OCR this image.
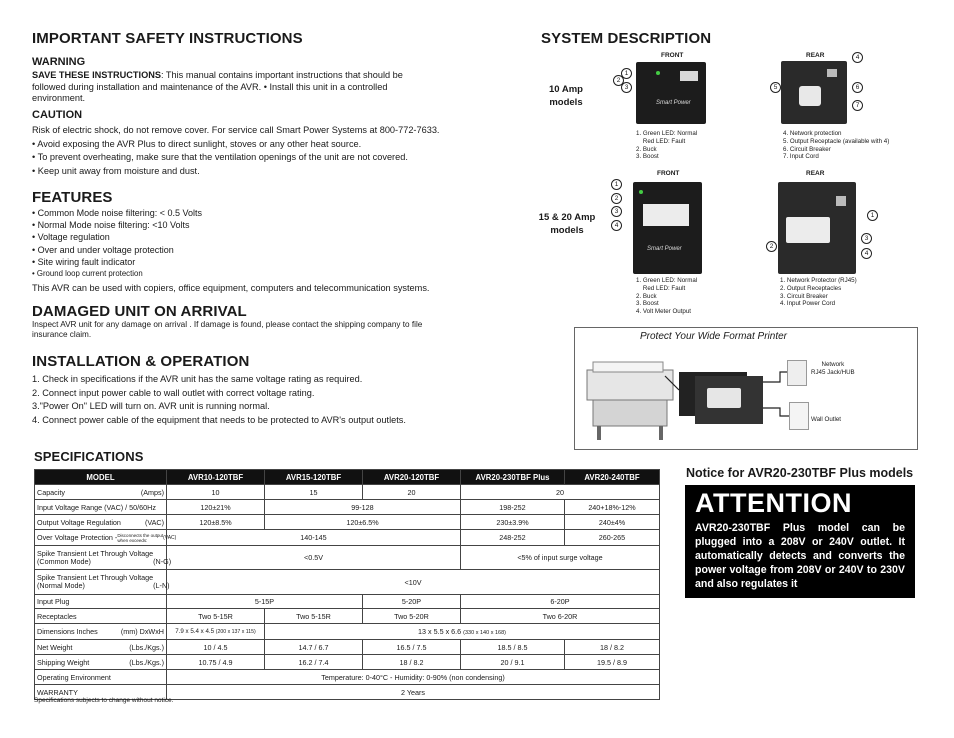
IMPORTANT SAFETY INSTRUCTIONS
WARNING

SAVE THESE INSTRUCTIONS: This manual contains important instructions that should be followed during installation and maintenance of the AVR. • Install this unit in a controlled environment.

CAUTION
Risk of electric shock, do not remove cover. For service call Smart Power Systems at 800-772-7633.
• Avoid exposing the AVR Plus to direct sunlight, stoves or any other heat source.
• To prevent overheating, make sure that the ventilation openings of the unit are not covered.
• Keep unit away from moisture and dust.
FEATURES
• Common Mode noise filtering: < 0.5 Volts
• Normal Mode noise filtering: <10 Volts
• Voltage regulation
• Over and under voltage protection
• Site wiring fault indicator
• Ground loop current protection

This AVR can be used with copiers, office equipment, computers and telecommunication systems.

DAMAGED UNIT ON ARRIVAL

Inspect AVR unit for any damage on arrival . If damage is found, please contact the shipping company to file insurance claim.

INSTALLATION & OPERATION
1. Check in specifications if the AVR unit has the same voltage rating as required.
2. Connect input power cable to wall outlet with correct voltage rating.
3."Power On" LED will turn on. AVR unit is running normal.
4. Connect power cable of the equipment that needs to be protected to AVR's output outlets.
SYSTEM DESCRIPTION
10 Amp
models
FRONT	REAR
Smart Power
1
2
3
4
5	6
7
1. Green LED: Normal
Red LED: Fault
2. Buck
3. Boost
4. Network protection
5. Output Receptacle (available with 4)
6. Circuit Breaker
7. Input Cord
15 & 20 Amp
models
FRONT	REAR
Smart Power
1
2
3
4
1
2
3
4
1. Green LED: Normal
Red LED: Fault
2. Buck
3. Boost
4. Volt Meter Output
1. Network Protector (RJ45)
2. Output Receptacles
3. Circuit Breaker
4. Input Power Cord
Protect Your Wide Format Printer
Network
RJ45 Jack/HUB
Wall Outlet
SPECIFICATIONS
MODEL	AVR10-120TBF	AVR15-120TBF	AVR20-120TBF	AVR20-230TBF Plus	AVR20-240TBF

Capacity (Amps)	10	15	20	20	
Input Voltage Range (VAC) / 50/60Hz	120±21%	99-128		198-252	240+18%-12%

Output Voltage Regulation (VAC)	120±8.5%	120±6.5%		230±3.9%	240±4%

Over Voltage Protection - Disconnects the output
when exceeds: (VAC)	140-145			248-252	260-265

Spike Transient Let Through Voltage
(Common Mode) (N-G)	<0.5V			<5% of input surge voltage	

Spike Transient Let Through Voltage
(Normal Mode) (L-N)	<10V				
Input Plug	5-15P		5-20P	6-20P	
Receptacles	Two 5-15R	Two 5-15R	Two 5-20R	Two 6-20R	

Dimensions Inches (mm) DxWxH	7.9 x 5.4 x 4.5 (200 x 137 x 115)	13 x 5.5 x 6.6 (330 x 140 x 168)			

Net Weight (Lbs./Kgs.)	10 / 4.5	14.7 / 6.7	16.5 / 7.5	18.5 / 8.5	18 / 8.2

Shipping Weight (Lbs./Kgs.)	10.75 / 4.9	16.2 / 7.4	18 / 8.2	20 / 9.1	19.5 / 8.9
Operating Environment	Temperature: 0-40°C - Humidity: 0-90% (non condensing)				
WARRANTY	2 Years				
Specifications subjects to change without notice.
Notice for AVR20-230TBF Plus models
ATTENTION
AVR20-230TBF Plus model can be plugged into a 208V or 240V outlet. It automatically detects and converts the power voltage from 208V or 240V to 230V and also regulates it
